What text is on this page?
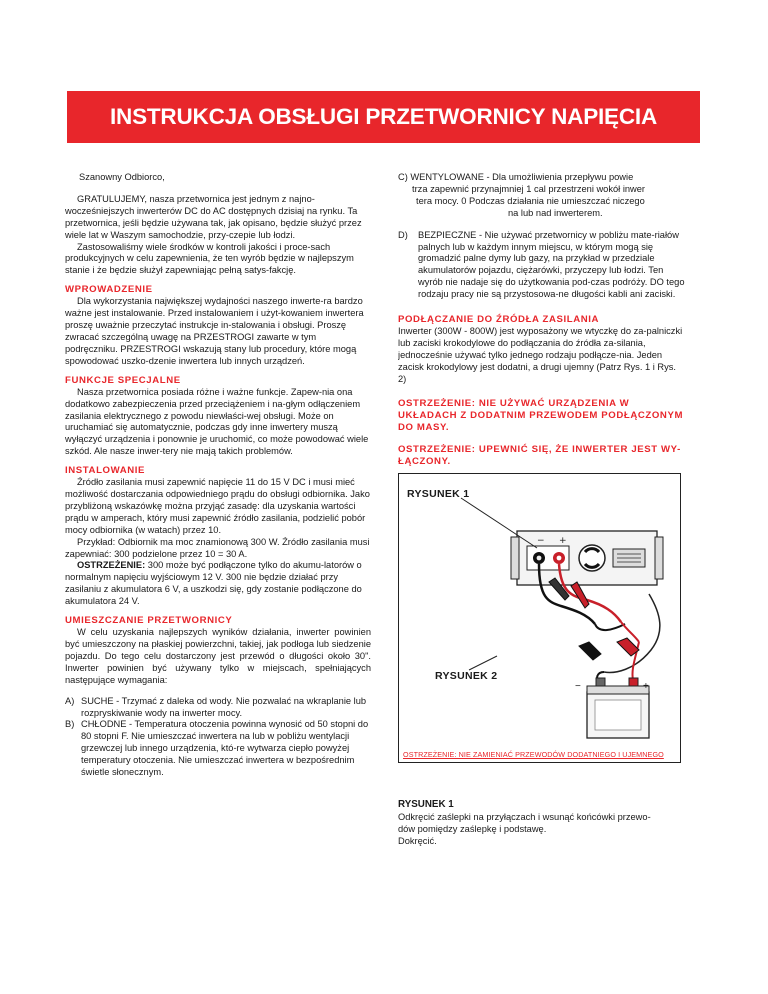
INSTRUKCJA OBSŁUGI PRZETWORNICY NAPIĘCIA

Szanowny Odbiorco,

GRATULUJEMY, nasza przetwornica jest jednym z najno-wocześniejszych inwerterów DC do AC dostępnych dzisiaj na rynku. Ta przetwornica, jeśli będzie używana tak, jak opisano, będzie służyć przez wiele lat w Waszym samochodzie, przy-czepie lub łodzi.

Zastosowaliśmy wiele środków w kontroli jakości i proce-sach produkcyjnych w celu zapewnienia, że ten wyrób będzie w najlepszym stanie i że będzie służył zapewniając pełną satys-fakcję.

WPROWADZENIE

Dla wykorzystania największej wydajności naszego inwerte-ra bardzo ważne jest instalowanie. Przed instalowaniem i użyt-kowaniem inwertera proszę uważnie przeczytać instrukcje in-stalowania i obsługi. Proszę zwracać szczególną uwagę na PRZESTROGI zawarte w tym podręczniku. PRZESTROGI wskazują stany lub procedury, które mogą spowodować uszko-dzenie inwertera lub innych urządzeń.

FUNKCJE SPECJALNE

Nasza przetwornica posiada różne i ważne funkcje. Zapew-nia ona dodatkowo zabezpieczenia przed przeciążeniem i na-głym odłączeniem zasilania elektrycznego z powodu niewłaści-wej obsługi. Może on uruchamiać się automatycznie, podczas gdy inne inwertery muszą wyłączyć urządzenia i ponownie je uruchomić, co może powodować wiele szkód. Ale nasze inwer-tery nie mają takich problemów.

INSTALOWANIE

Źródło zasilania musi zapewnić napięcie 11 do 15 V DC i musi mieć możliwość dostarczania odpowiedniego prądu do obsługi odbiornika. Jako przybliżoną wskazówkę można przyjąć zasadę: dla uzyskania wartości prądu w amperach, który musi zapewnić źródło zasilania, podzielić pobór mocy odbiornika (w watach) przez 10.

Przykład: Odbiornik ma moc znamionową 300 W. Źródło zasilania musi zapewniać: 300 podzielone przez 10 = 30 A.

OSTRZEŻENIE: 300 może być podłączone tylko do akumu-latorów o normalnym napięciu wyjściowym 12 V. 300 nie będzie działać przy zasilaniu z akumulatora 6 V, a uszkodzi się, gdy zostanie podłączone do akumulatora 24 V.

UMIESZCZANIE PRZETWORNICY

W celu uzyskania najlepszych wyników działania, inwerter powinien być umieszczony na płaskiej powierzchni, takiej, jak podłoga lub siedzenie pojazdu. Do tego celu dostarczony jest przewód o długości około 30". Inwerter powinien być używany tylko w miejscach, spełniających następujące wymagania:

A) SUCHE - Trzymać z daleka od wody. Nie pozwalać na wkraplanie lub rozpryskiwanie wody na inwerter mocy.
B) CHŁODNE - Temperatura otoczenia powinna wynosić od 50 stopni do 80 stopni F. Nie umieszczać inwertera na lub w pobliżu wentylacji grzewczej lub innego urządzenia, któ-re wytwarza ciepło powyżej temperatury otoczenia. Nie umieszczać inwertera w bezpośrednim świetle słonecznym.

C) WENTYLOWANE - Dla umożliwienia przepływu powie

trza zapewnić przynajmniej 1 cal przestrzeni wokół inwer

tera mocy. 0 Podczas działania nie umieszczać niczego

na lub nad inwerterem.

D)	BEZPIECZNE - Nie używać przetwornicy w pobliżu mate-riałów palnych lub w każdym innym miejscu, w którym mogą się gromadzić palne dymy lub gazy, na przykład w przedziale akumulatorów pojazdu, ciężarówki, przyczepy lub łodzi. Ten wyrób nie nadaje się do użytkowania pod-czas podróży. DO tego rodzaju pracy nie są przystosowa-ne długości kabli ani zaciski.
PODŁĄCZANIE DO ŹRÓDŁA ZASILANIA

Inwerter (300W - 800W) jest wyposażony we wtyczkę do za-palniczki lub zaciski krokodylowe do podłączania do źródła za-silania, jednocześnie używać tylko jednego rodzaju podłącze-nia. Jeden zacisk krokodylowy jest dodatni, a drugi ujemny (Patrz Rys. 1 i Rys. 2)

OSTRZEŻENIE: NIE UŻYWAĆ URZĄDZENIA W UKŁADACH Z DODATNIM PRZEWODEM PODŁĄCZONYM DO MASY.
OSTRZEŻENIE: UPEWNIĆ SIĘ, ŻE INWERTER JEST WY-ŁĄCZONY.
− +
RYSUNEK 1
RYSUNEK 2
−	+
OSTRZEŻENIE: NIE ZAMIENIAĆ PRZEWODÓW DODATNIEGO I UJEMNEGO
RYSUNEK 1

Odkręcić zaślepki na przyłączach i wsunąć końcówki przewo-

dów pomiędzy zaślepkę i podstawę.

Dokręcić.
